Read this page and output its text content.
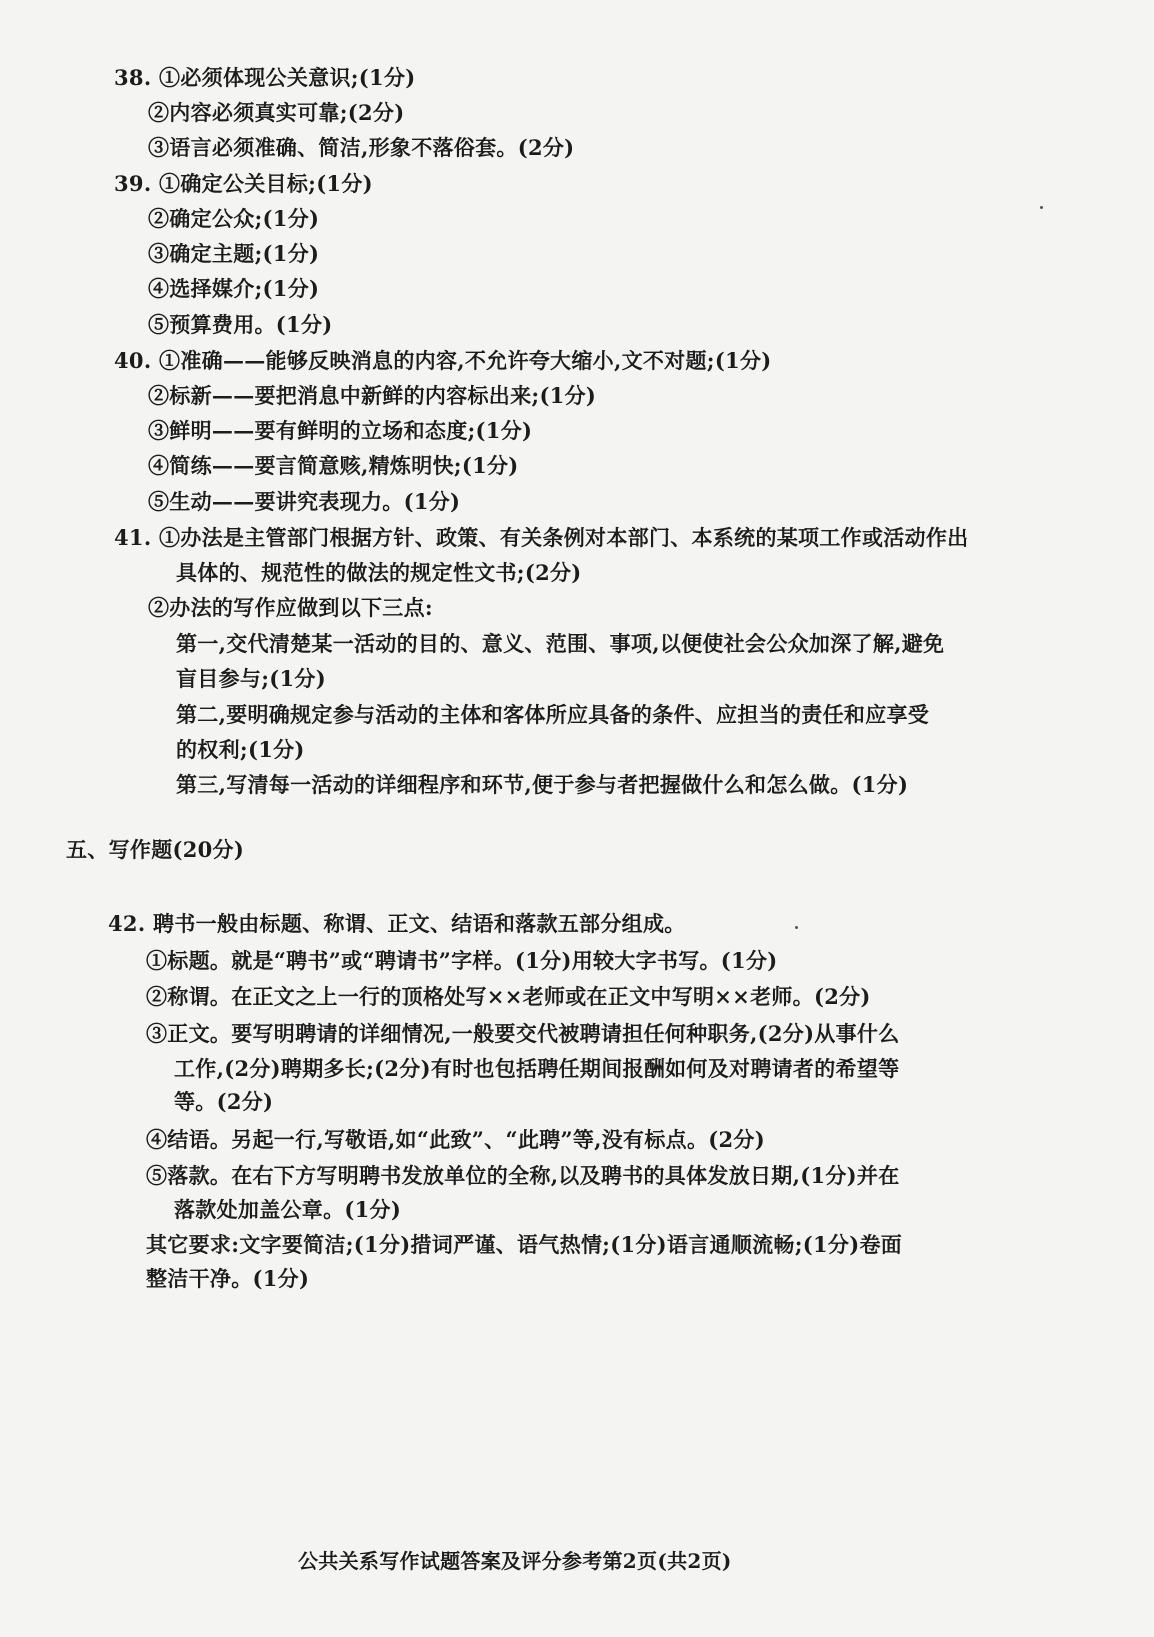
38. ①必须体现公关意识;(1分)
②内容必须真实可靠;(2分)
③语言必须准确、简洁,形象不落俗套。(2分)
39. ①确定公关目标;(1分)
②确定公众;(1分)
③确定主题;(1分)
④选择媒介;(1分)
⑤预算费用。(1分)
40. ①准确——能够反映消息的内容,不允许夸大缩小,文不对题;(1分)
②标新——要把消息中新鲜的内容标出来;(1分)
③鲜明——要有鲜明的立场和态度;(1分)
④简练——要言简意赅,精炼明快;(1分)
⑤生动——要讲究表现力。(1分)
41. ①办法是主管部门根据方针、政策、有关条例对本部门、本系统的某项工作或活动作出
具体的、规范性的做法的规定性文书;(2分)
②办法的写作应做到以下三点:
第一,交代清楚某一活动的目的、意义、范围、事项,以便使社会公众加深了解,避免
盲目参与;(1分)
第二,要明确规定参与活动的主体和客体所应具备的条件、应担当的责任和应享受
的权利;(1分)
第三,写清每一活动的详细程序和环节,便于参与者把握做什么和怎么做。(1分)
五、写作题(20分)
42. 聘书一般由标题、称谓、正文、结语和落款五部分组成。
①标题。就是“聘书”或“聘请书”字样。(1分)用较大字书写。(1分)
②称谓。在正文之上一行的顶格处写××老师或在正文中写明××老师。(2分)
③正文。要写明聘请的详细情况,一般要交代被聘请担任何种职务,(2分)从事什么
工作,(2分)聘期多长;(2分)有时也包括聘任期间报酬如何及对聘请者的希望等
等。(2分)
④结语。另起一行,写敬语,如“此致”、“此聘”等,没有标点。(2分)
⑤落款。在右下方写明聘书发放单位的全称,以及聘书的具体发放日期,(1分)并在
落款处加盖公章。(1分)
其它要求:文字要简洁;(1分)措词严谨、语气热情;(1分)语言通顺流畅;(1分)卷面
整洁干净。(1分)
公共关系写作试题答案及评分参考第2页(共2页)
